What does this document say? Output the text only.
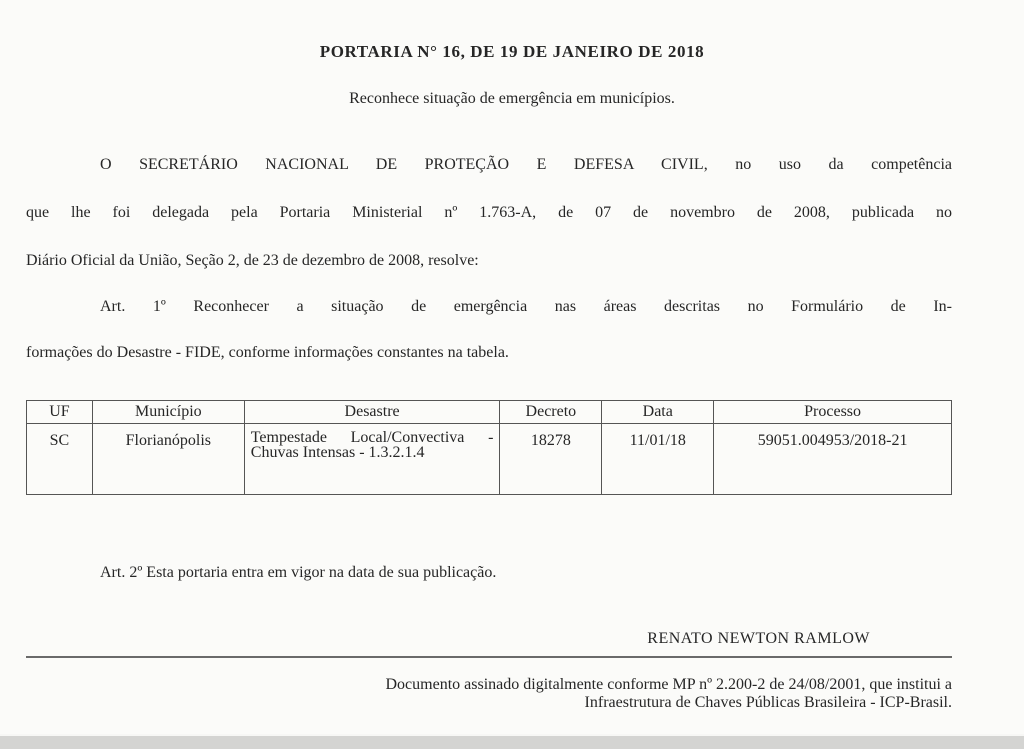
PORTARIA N° 16, DE 19 DE JANEIRO DE 2018
Reconhece situação de emergência em municípios.
O SECRETÁRIO NACIONAL DE PROTEÇÃO E DEFESA CIVIL, no uso da competência
que lhe foi delegada pela Portaria Ministerial nº 1.763-A, de 07 de novembro de 2008, publicada no
Diário Oficial da União, Seção 2, de 23 de dezembro de 2008, resolve:
Art. 1º Reconhecer a situação de emergência nas áreas descritas no Formulário de In-
formações do Desastre - FIDE, conforme informações constantes na tabela.
UF	Município	Desastre	Decreto	Data	Processo
SC	Florianópolis	Tempestade Local/Convectiva - Chuvas Intensas - 1.3.2.1.4	18278	11/01/18	59051.004953/2018-21
Art. 2º Esta portaria entra em vigor na data de sua publicação.
RENATO NEWTON RAMLOW
Documento assinado digitalmente conforme MP nº 2.200-2 de 24/08/2001, que institui a
Infraestrutura de Chaves Públicas Brasileira - ICP-Brasil.
